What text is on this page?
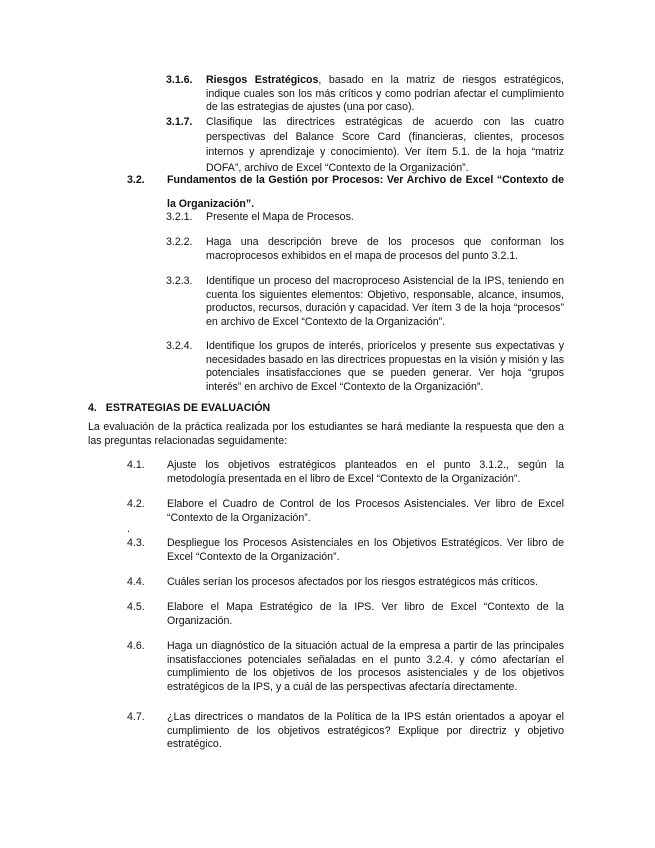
3.1.6. Riesgos Estratégicos, basado en la matriz de riesgos estratégicos, indique cuales son los más críticos y como podrían afectar el cumplimiento de las estrategias de ajustes (una por caso).
3.1.7. Clasifique las directrices estratégicas de acuerdo con las cuatro perspectivas del Balance Score Card (financieras, clientes, procesos internos y aprendizaje y conocimiento). Ver ítem 5.1. de la hoja “matriz DOFA”, archivo de Excel “Contexto de la Organización”.
3.2. Fundamentos de la Gestión por Procesos: Ver Archivo de Excel “Contexto de la Organización”.
3.2.1. Presente el Mapa de Procesos.
3.2.2. Haga una descripción breve de los procesos que conforman los macroprocesos exhibidos en el mapa de procesos del punto 3.2.1.
3.2.3. Identifique un proceso del macroproceso Asistencial de la IPS, teniendo en cuenta los siguientes elementos: Objetivo, responsable, alcance, insumos, productos, recursos, duración y capacidad. Ver ítem 3 de la hoja “procesos” en archivo de Excel “Contexto de la Organización”.
3.2.4. Identifique los grupos de interés, priorícelos y presente sus expectativas y necesidades basado en las directrices propuestas en la visión y misión y las potenciales insatisfacciones que se pueden generar. Ver hoja “grupos interés” en archivo de Excel “Contexto de la Organización”.
4. ESTRATEGIAS DE EVALUACIÓN
La evaluación de la práctica realizada por los estudiantes se hará mediante la respuesta que den a las preguntas relacionadas seguidamente:
4.1. Ajuste los objetivos estratégicos planteados en el punto 3.1.2., según la metodología presentada en el libro de Excel “Contexto de la Organización”.
4.2. Elabore el Cuadro de Control de los Procesos Asistenciales. Ver libro de Excel “Contexto de la Organización”.
.
4.3. Despliegue los Procesos Asistenciales en los Objetivos Estratégicos. Ver libro de Excel “Contexto de la Organización”.
4.4. Cuáles serían los procesos afectados por los riesgos estratégicos más críticos.
4.5. Elabore el Mapa Estratégico de la IPS. Ver libro de Excel “Contexto de la Organización.
4.6. Haga un diagnóstico de la situación actual de la empresa a partir de las principales insatisfacciones potenciales señaladas en el punto 3.2.4. y cómo afectarían el cumplimiento de los objetivos de los procesos asistenciales y de los objetivos estratégicos de la IPS, y a cuál de las perspectivas afectaría directamente.
4.7. ¿Las directrices o mandatos de la Política de la IPS están orientados a apoyar el cumplimiento de los objetivos estratégicos? Explique por directriz y objetivo estratégico.
